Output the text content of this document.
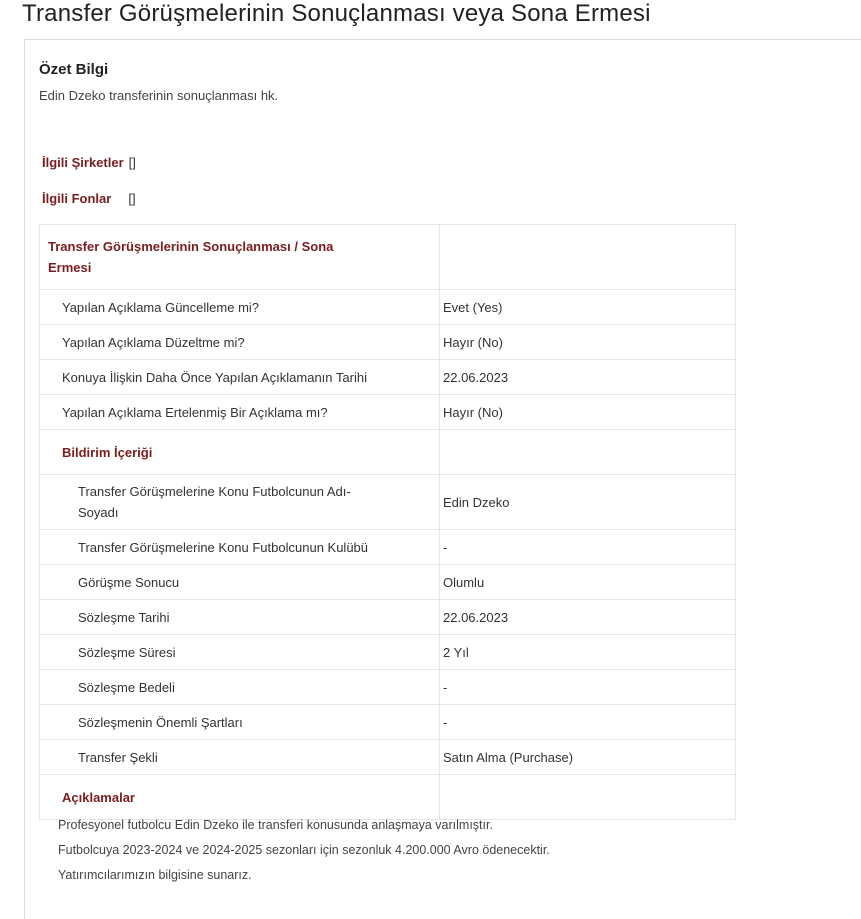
Transfer Görüşmelerinin Sonuçlanması veya Sona Ermesi
Özet Bilgi
Edin Dzeko transferinin sonuçlanması hk.
İlgili Şirketler []
İlgili Fonlar []
Transfer Görüşmelerinin Sonuçlanması / Sona Ermesi	

Yapılan Açıklama Güncelleme mi?	Evet (Yes)
Yapılan Açıklama Düzeltme mi?	Hayır (No)
Konuya İlişkin Daha Önce Yapılan Açıklamanın Tarihi	22.06.2023
Yapılan Açıklama Ertelenmiş Bir Açıklama mı?	Hayır (No)
Bildirim İçeriği	

Transfer Görüşmelerine Konu Futbolcunun Adı-Soyadı	Edin Dzeko
Transfer Görüşmelerine Konu Futbolcunun Kulübü	-
Görüşme Sonucu	Olumlu
Sözleşme Tarihi	22.06.2023
Sözleşme Süresi	2 Yıl
Sözleşme Bedeli	-
Sözleşmenin Önemli Şartları	-
Transfer Şekli	Satın Alma (Purchase)
Açıklamalar	

Profesyonel futbolcu Edin Dzeko ile transferi konusunda anlaşmaya varılmıştır.

Futbolcuya 2023-2024 ve 2024-2025 sezonları için sezonluk 4.200.000 Avro ödenecektir.

Yatırımcılarımızın bilgisine sunarız.
